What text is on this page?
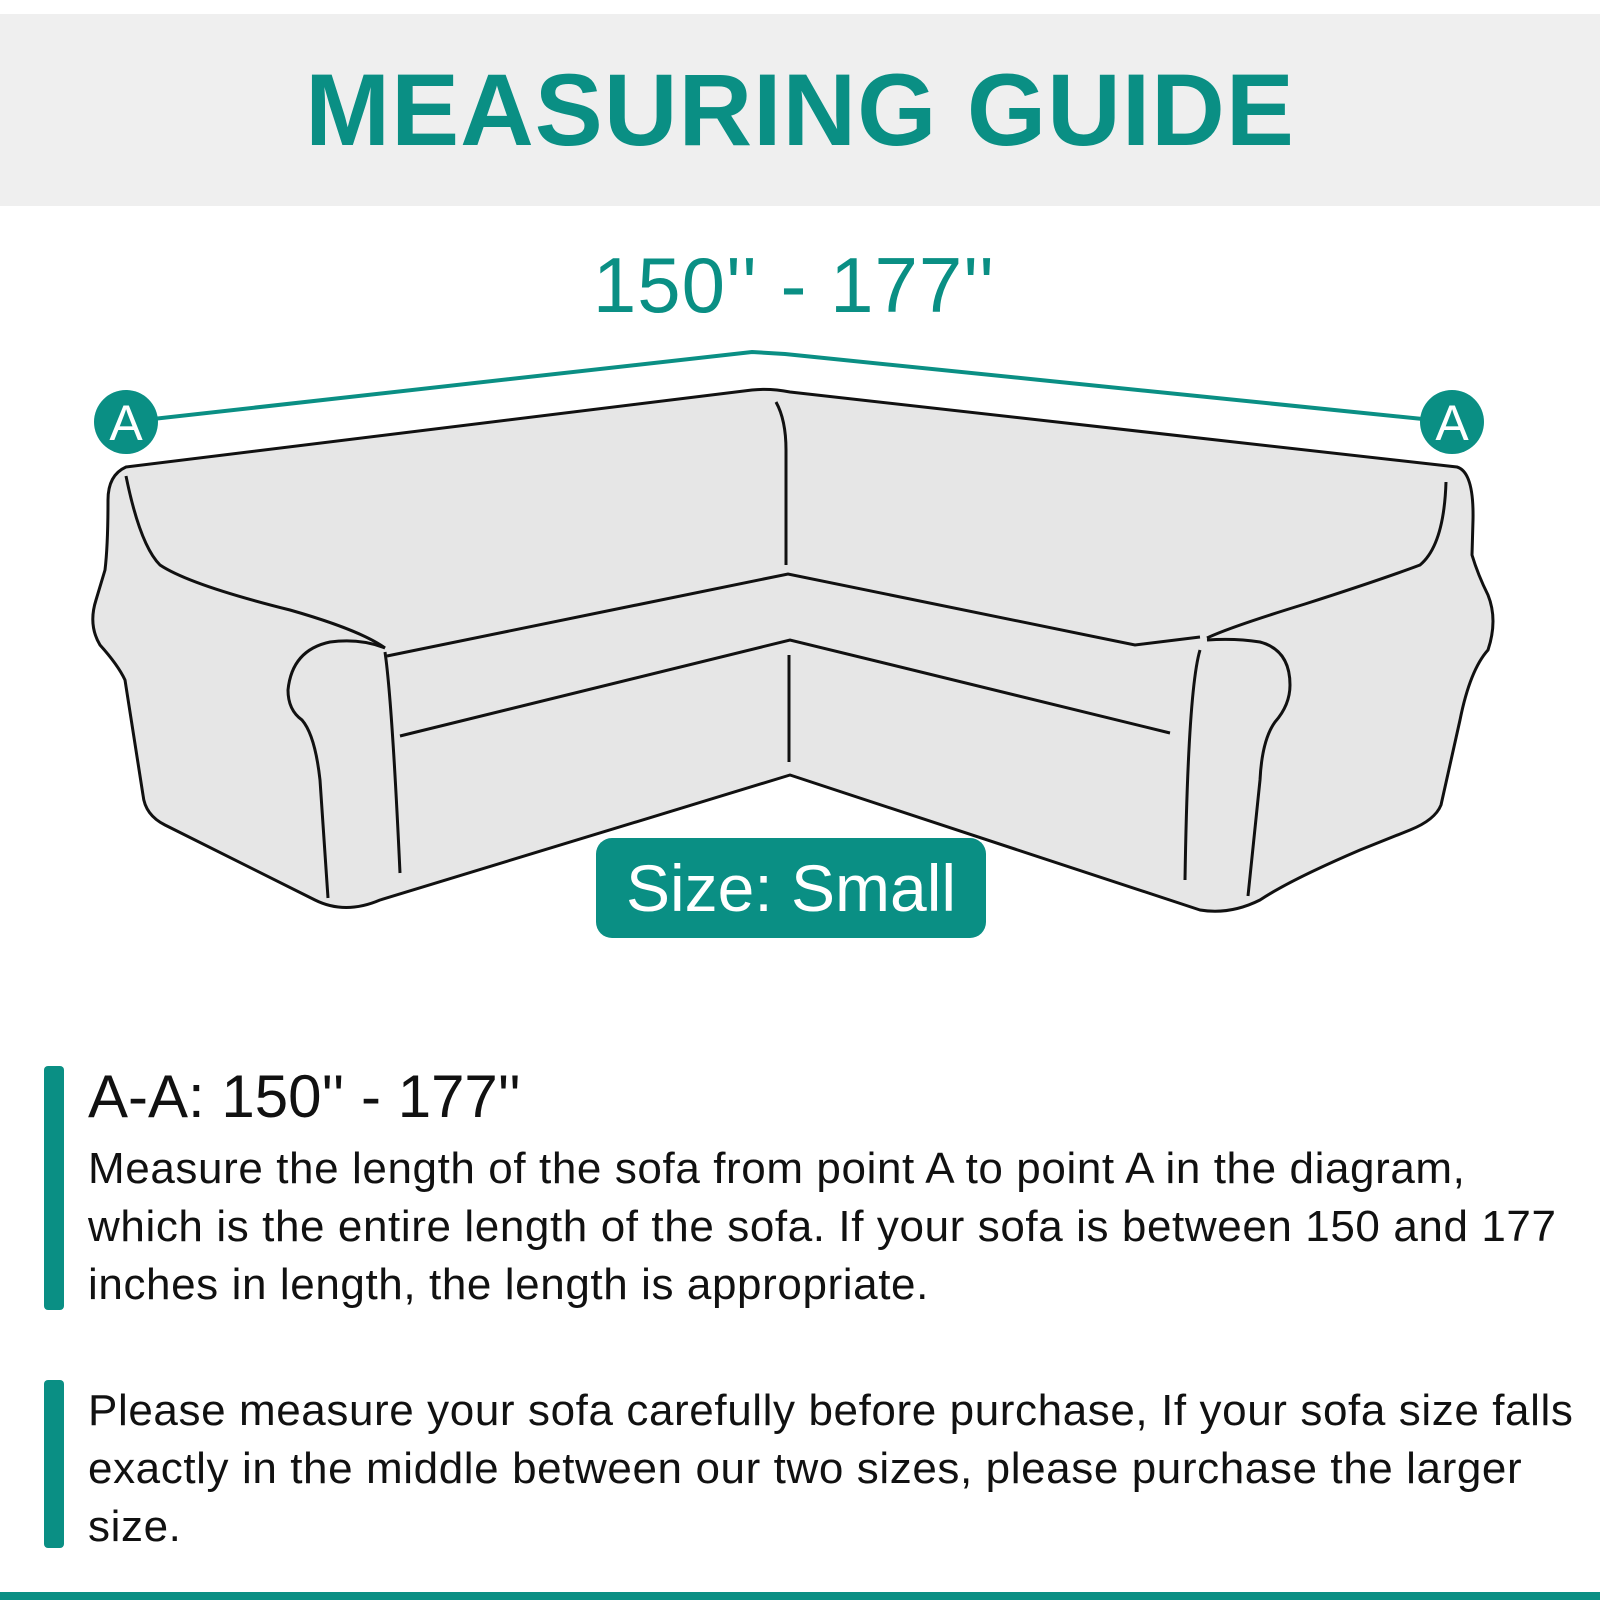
MEASURING GUIDE
150'' - 177''
A	A
Size: Small
A-A: 150'' - 177''
Measure the length of the sofa from point A to point A in the diagram, which is the entire length of the sofa. If your sofa is between 150 and 177 inches in length, the length is appropriate.
Please measure your sofa carefully before purchase, If your sofa size falls exactly in the middle between our two sizes, please purchase the larger size.
